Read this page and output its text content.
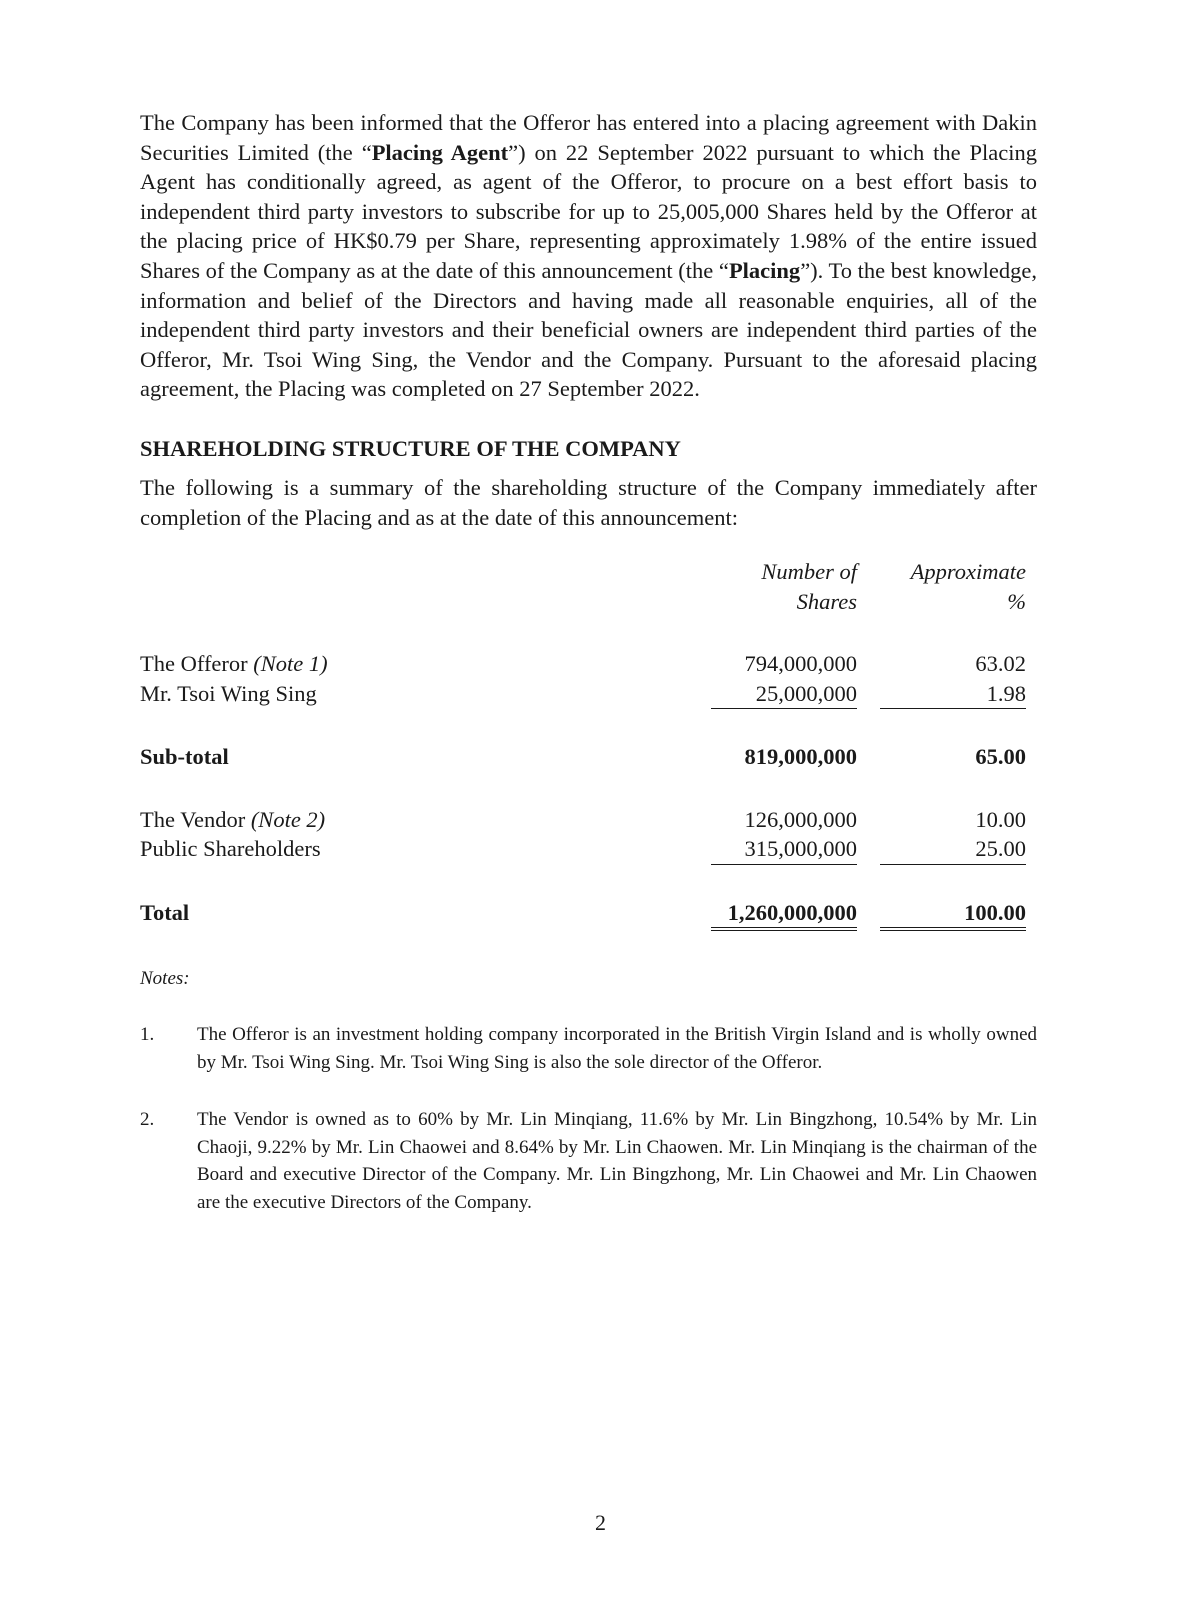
The Company has been informed that the Offeror has entered into a placing agreement with Dakin Securities Limited (the “Placing Agent”) on 22 September 2022 pursuant to which the Placing Agent has conditionally agreed, as agent of the Offeror, to procure on a best effort basis to independent third party investors to subscribe for up to 25,005,000 Shares held by the Offeror at the placing price of HK$0.79 per Share, representing approximately 1.98% of the entire issued Shares of the Company as at the date of this announcement (the “Placing”). To the best knowledge, information and belief of the Directors and having made all reasonable enquiries, all of the independent third party investors and their beneficial owners are independent third parties of the Offeror, Mr. Tsoi Wing Sing, the Vendor and the Company. Pursuant to the aforesaid placing agreement, the Placing was completed on 27 September 2022.

SHAREHOLDING STRUCTURE OF THE COMPANY

The following is a summary of the shareholding structure of the Company immediately after completion of the Placing and as at the date of this announcement:

	Number of
Shares		Approximate
%

The Offeror (Note 1)	794,000,000		63.02
Mr. Tsoi Wing Sing	25,000,000		1.98

Sub-total	819,000,000		65.00

The Vendor (Note 2)	126,000,000		10.00
Public Shareholders	315,000,000		25.00

Total	1,260,000,000		100.00
Notes:
1.	The Offeror is an investment holding company incorporated in the British Virgin Island and is wholly owned by Mr. Tsoi Wing Sing. Mr. Tsoi Wing Sing is also the sole director of the Offeror.
2.	The Vendor is owned as to 60% by Mr. Lin Minqiang, 11.6% by Mr. Lin Bingzhong, 10.54% by Mr. Lin Chaoji, 9.22% by Mr. Lin Chaowei and 8.64% by Mr. Lin Chaowen. Mr. Lin Minqiang is the chairman of the Board and executive Director of the Company. Mr. Lin Bingzhong, Mr. Lin Chaowei and Mr. Lin Chaowen are the executive Directors of the Company.
2
